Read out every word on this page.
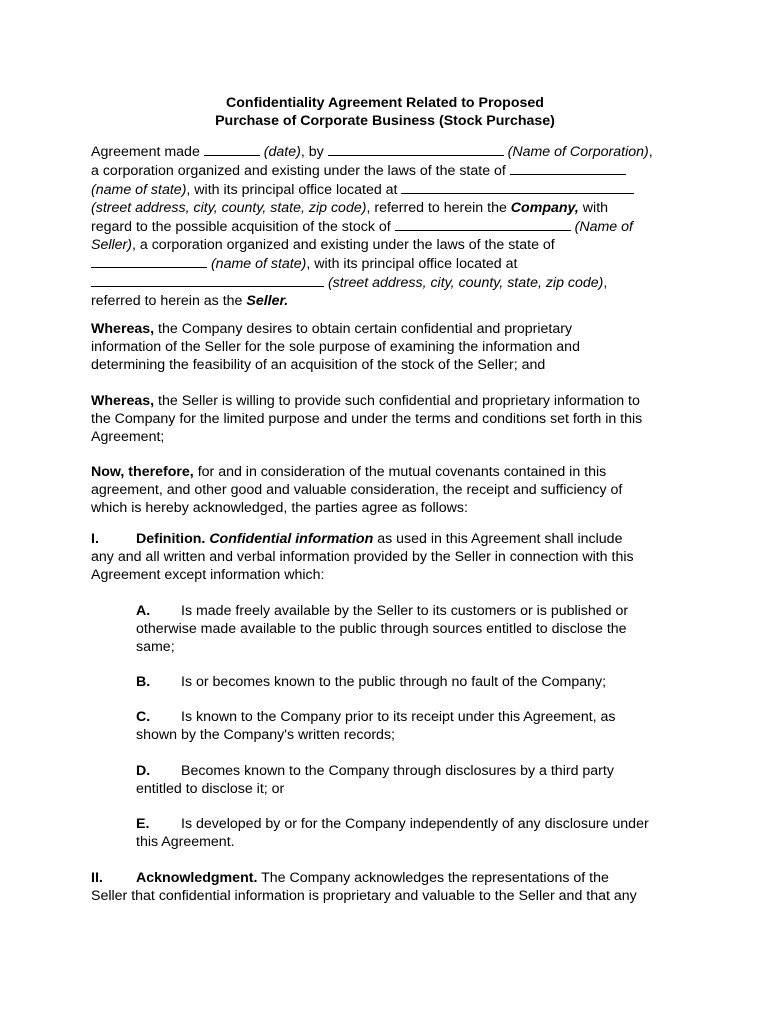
Confidentiality Agreement Related to Proposed
Purchase of Corporate Business (Stock Purchase)
Agreement made	(date), by	(Name of Corporation),
a corporation organized and existing under the laws of the state of
(name of state), with its principal office located at
(street address, city, county, state, zip code), referred to herein the Company, with
regard to the possible acquisition of the stock of	(Name of
Seller), a corporation organized and existing under the laws of the state of
(name of state), with its principal office located at
(street address, city, county, state, zip code),
referred to herein as the Seller.
Whereas, the Company desires to obtain certain confidential and proprietary
information of the Seller for the sole purpose of examining the information and
determining the feasibility of an acquisition of the stock of the Seller; and
Whereas, the Seller is willing to provide such confidential and proprietary information to
the Company for the limited purpose and under the terms and conditions set forth in this
Agreement;
Now, therefore, for and in consideration of the mutual covenants contained in this
agreement, and other good and valuable consideration, the receipt and sufficiency of
which is hereby acknowledged, the parties agree as follows:
I.	Definition. Confidential information as used in this Agreement shall include
any and all written and verbal information provided by the Seller in connection with this
Agreement except information which:
A. Is made freely available by the Seller to its customers or is published or
otherwise made available to the public through sources entitled to disclose the
same;
B. Is or becomes known to the public through no fault of the Company;
C. Is known to the Company prior to its receipt under this Agreement, as
shown by the Company's written records;
D. Becomes known to the Company through disclosures by a third party
entitled to disclose it; or
E. Is developed by or for the Company independently of any disclosure under
this Agreement.
II. Acknowledgment. The Company acknowledges the representations of the
Seller that confidential information is proprietary and valuable to the Seller and that any
